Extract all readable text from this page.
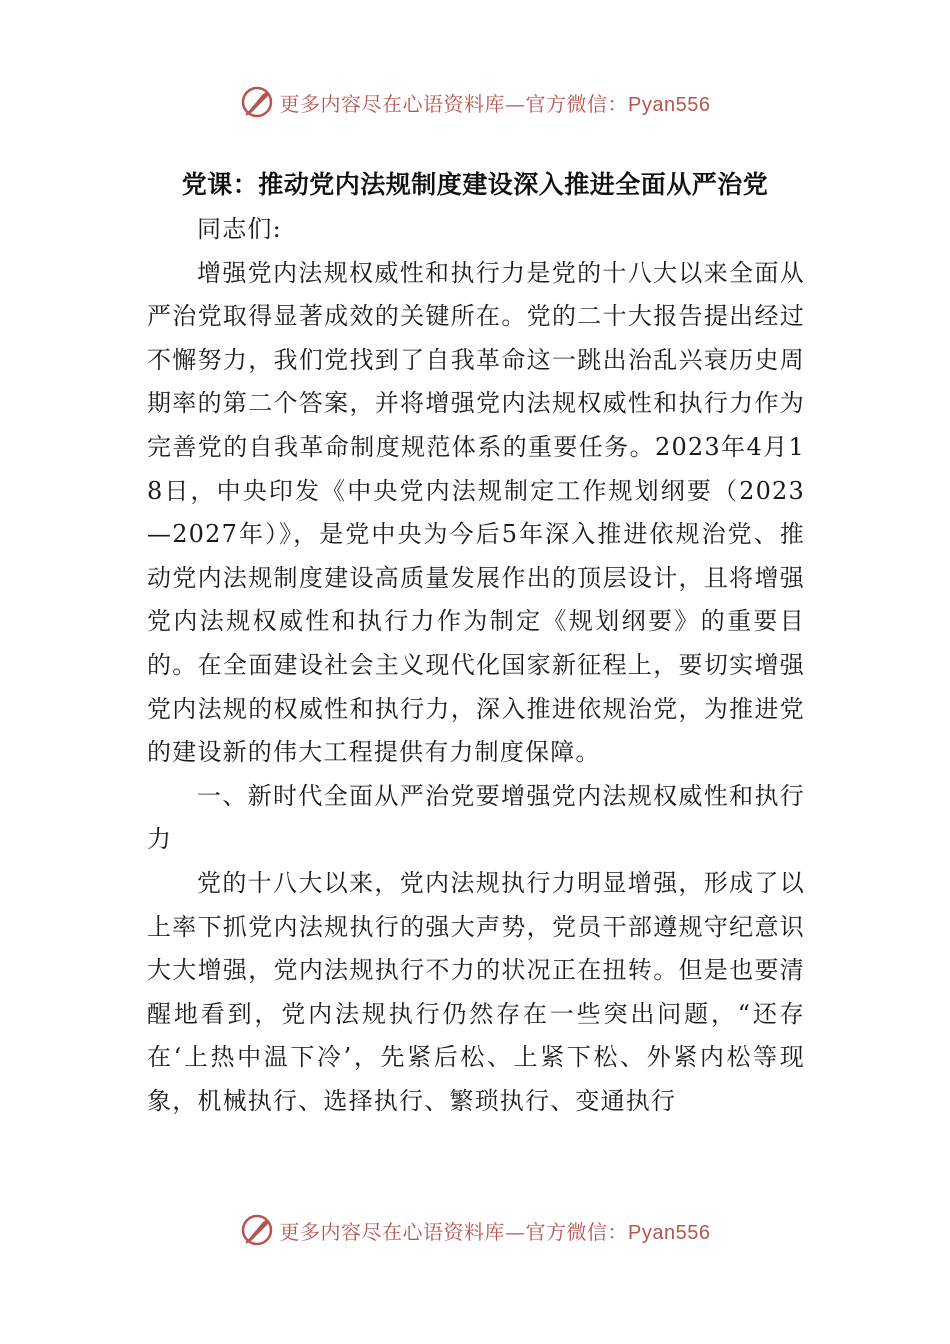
更多内容尽在心语资料库—官方微信：Pyan556
党课：推动党内法规制度建设深入推进全面从严治党

同志们:

增强党内法规权威性和执行力是党的十八大以来全面从严治党取得显著成效的关键所在。党的二十大报告提出经过不懈努力，我们党找到了自我革命这一跳出治乱兴衰历史周期率的第二个答案，并将增强党内法规权威性和执行力作为完善党的自我革命制度规范体系的重要任务。2023年4月18日，中央印发《中央党内法规制定工作规划纲要（2023—2027年）》，是党中央为今后5年深入推进依规治党、推动党内法规制度建设高质量发展作出的顶层设计，且将增强党内法规权威性和执行力作为制定《规划纲要》的重要目的。在全面建设社会主义现代化国家新征程上，要切实增强党内法规的权威性和执行力，深入推进依规治党，为推进党的建设新的伟大工程提供有力制度保障。

一、新时代全面从严治党要增强党内法规权威性和执行力

党的十八大以来，党内法规执行力明显增强，形成了以上率下抓党内法规执行的强大声势，党员干部遵规守纪意识大大增强，党内法规执行不力的状况正在扭转。但是也要清醒地看到，党内法规执行仍然存在一些突出问题，“还存在‘上热中温下冷’，先紧后松、上紧下松、外紧内松等现象，机械执行、选择执行、繁琐执行、变通执行

更多内容尽在心语资料库—官方微信：Pyan556
